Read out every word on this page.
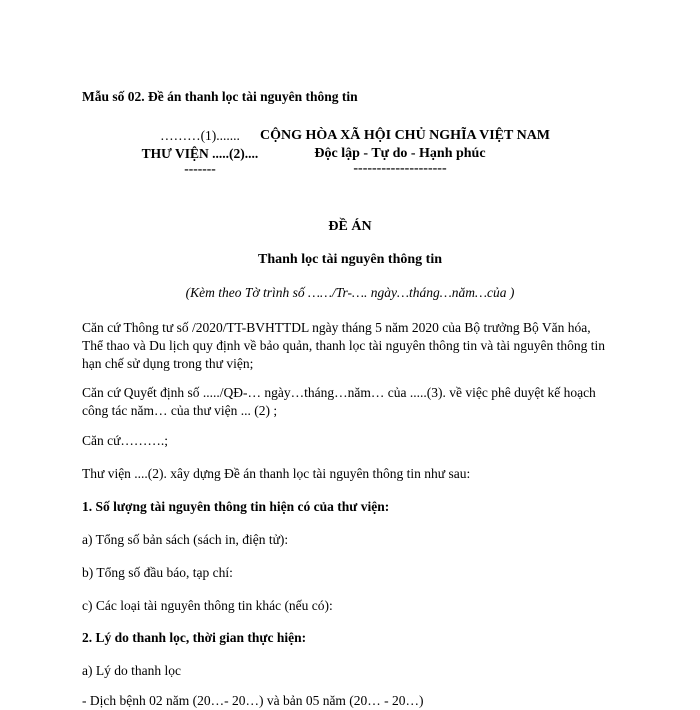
Mẫu số 02. Đề án thanh lọc tài nguyên thông tin
………(1).......
THƯ VIỆN .....(2)....
-------
CỘNG HÒA XÃ HỘI CHỦ NGHĨA VIỆT NAM
Độc lập - Tự do - Hạnh phúc
--------------------
ĐỀ ÁN
Thanh lọc tài nguyên thông tin
(Kèm theo Tờ trình số ……/Tr-…. ngày…tháng…năm…của )
Căn cứ Thông tư số /2020/TT-BVHTTDL ngày tháng 5 năm 2020 của Bộ trưởng Bộ Văn hóa,
Thể thao và Du lịch quy định về bảo quản, thanh lọc tài nguyên thông tin và tài nguyên thông tin
hạn chế sử dụng trong thư viện;
Căn cứ Quyết định số ...../QĐ-… ngày…tháng…năm… của .....(3). về việc phê duyệt kế hoạch
công tác năm… của thư viện ... (2) ;
Căn cứ……….;
Thư viện ....(2). xây dựng Đề án thanh lọc tài nguyên thông tin như sau:
1. Số lượng tài nguyên thông tin hiện có của thư viện:
a) Tổng số bản sách (sách in, điện tử):
b) Tổng số đầu báo, tạp chí:
c) Các loại tài nguyên thông tin khác (nếu có):
2. Lý do thanh lọc, thời gian thực hiện:
a) Lý do thanh lọc
- Dịch bệnh 02 năm (20…- 20…) và bản 05 năm (20… - 20…)
